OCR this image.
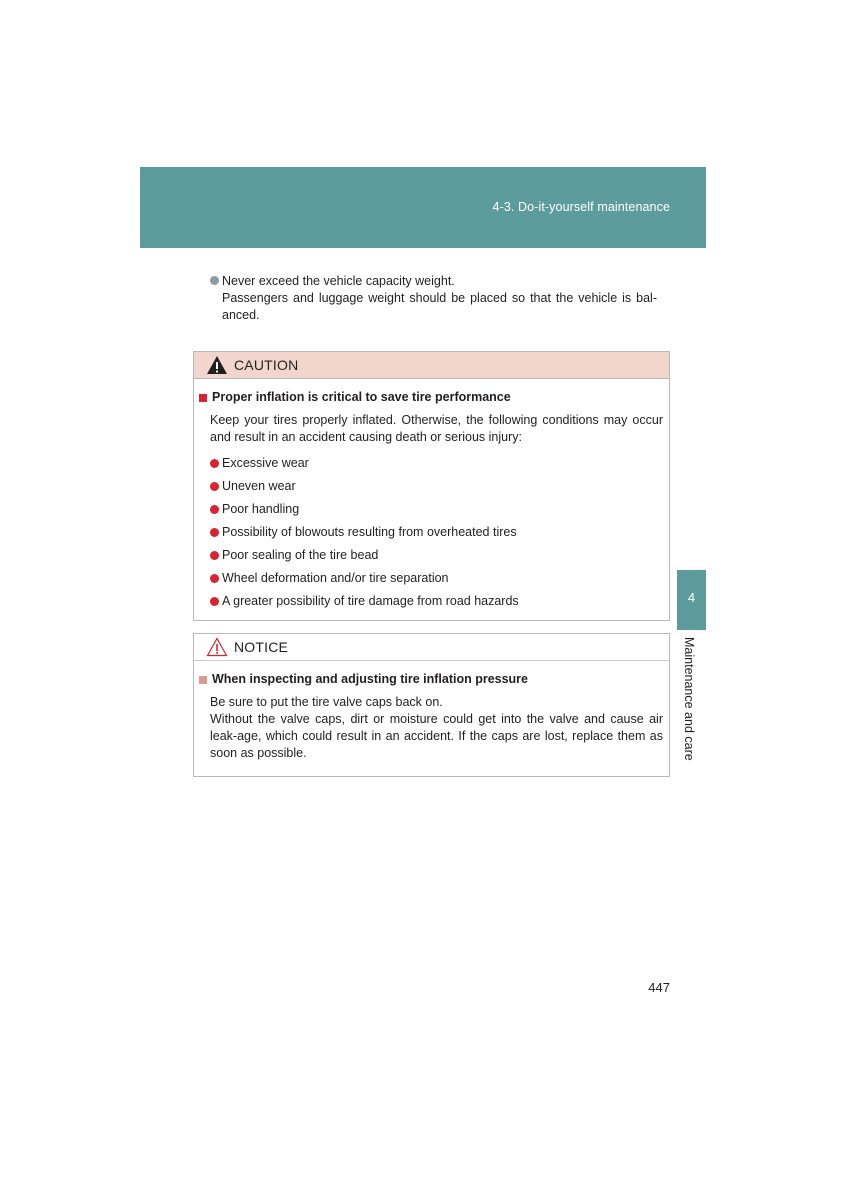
4-3. Do-it-yourself maintenance
4
Maintenance and care
Never exceed the vehicle capacity weight.
Passengers and luggage weight should be placed so that the vehicle is bal-anced.
CAUTION
Proper inflation is critical to save tire performance
Keep your tires properly inflated. Otherwise, the following conditions may occur and result in an accident causing death or serious injury:
Excessive wear
Uneven wear
Poor handling
Possibility of blowouts resulting from overheated tires
Poor sealing of the tire bead
Wheel deformation and/or tire separation
A greater possibility of tire damage from road hazards
NOTICE
When inspecting and adjusting tire inflation pressure
Be sure to put the tire valve caps back on.
Without the valve caps, dirt or moisture could get into the valve and cause air leak-age, which could result in an accident. If the caps are lost, replace them as soon as possible.
447
